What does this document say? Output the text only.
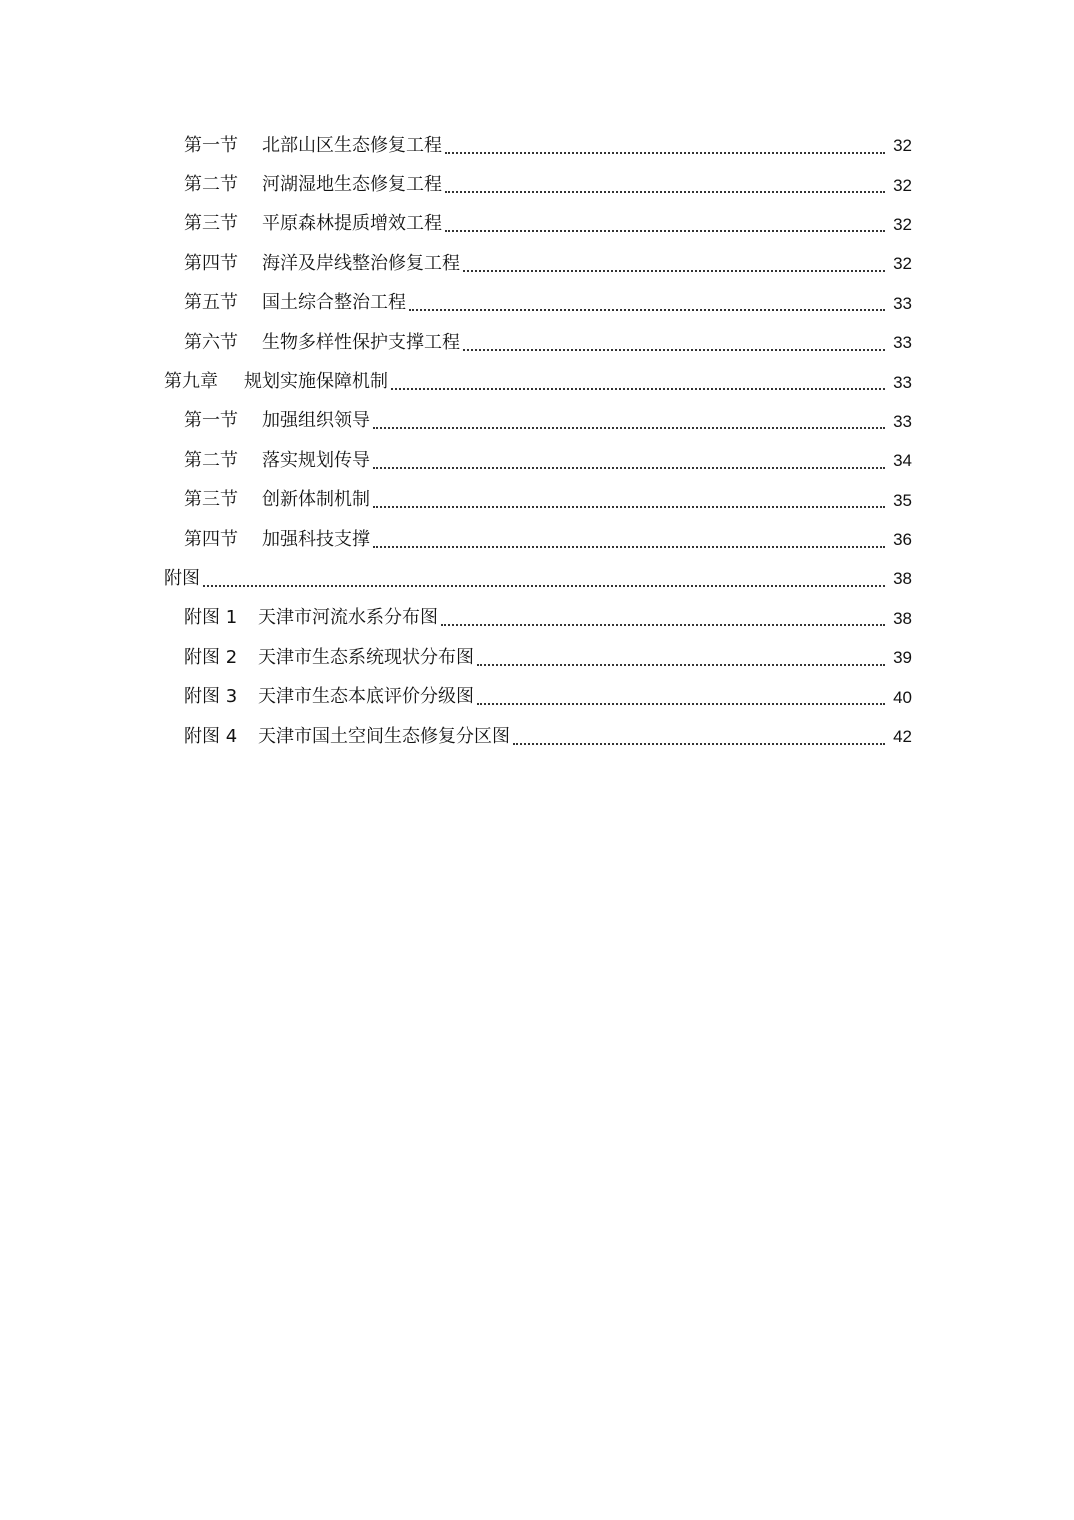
第一节 北部山区生态修复工程	32
第二节 河湖湿地生态修复工程	32
第三节 平原森林提质增效工程	32
第四节 海洋及岸线整治修复工程	32
第五节 国土综合整治工程	33
第六节 生物多样性保护支撑工程	33
第九章 规划实施保障机制	33
第一节 加强组织领导	33
第二节 落实规划传导	34
第三节 创新体制机制	35
第四节 加强科技支撑	36
附图	38
附图 1 天津市河流水系分布图	38
附图 2 天津市生态系统现状分布图	39
附图 3 天津市生态本底评价分级图	40
附图 4 天津市国土空间生态修复分区图	42
